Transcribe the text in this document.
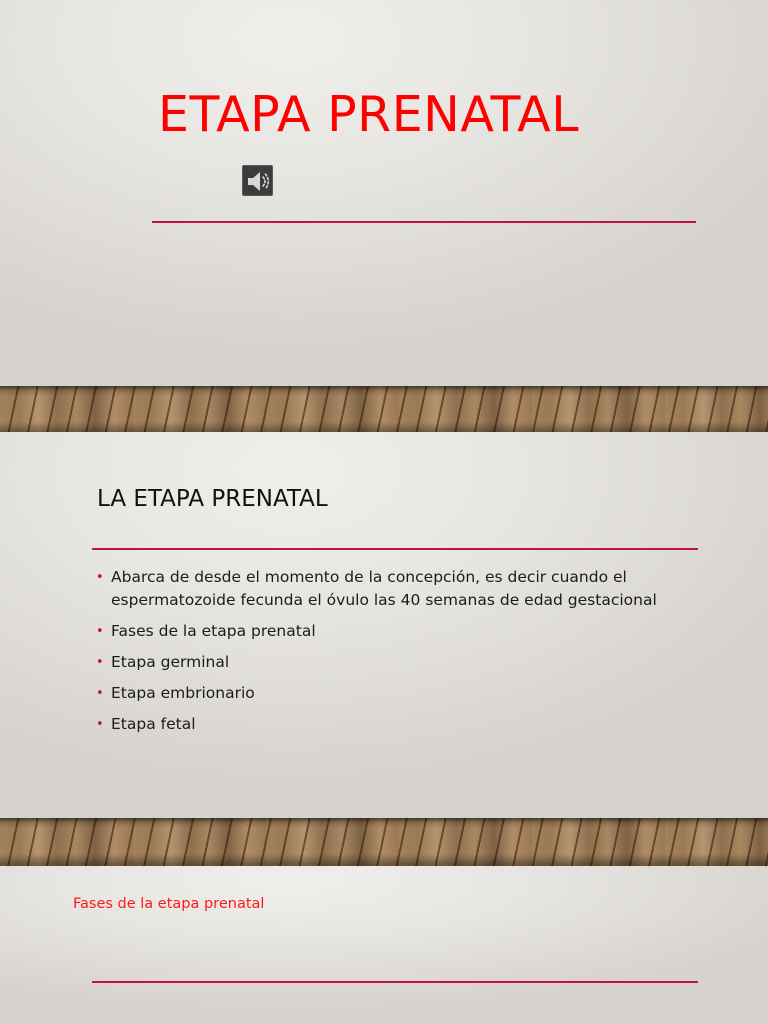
ETAPA PRENATAL
LA ETAPA PRENATAL
• Abarca de desde el momento de la concepción, es decir cuando el espermatozoide fecunda el óvulo las 40 semanas de edad gestacional
• Fases de la etapa prenatal
• Etapa germinal
• Etapa embrionario
• Etapa fetal
Fases de la etapa prenatal
